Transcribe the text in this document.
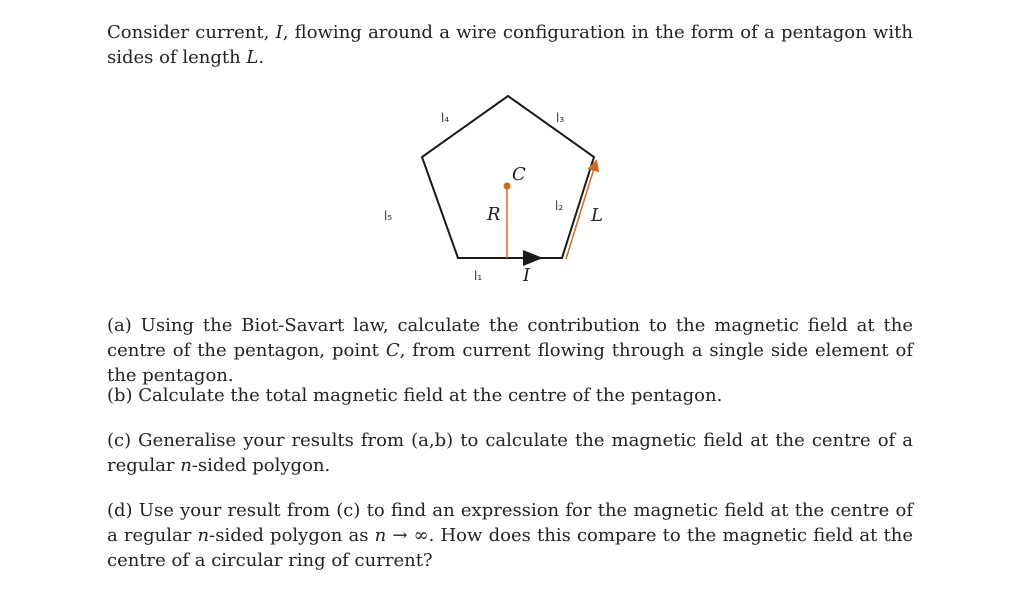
Consider current, I, flowing around a wire configuration in the form of a pentagon with sides of length L.

l₄	l₃
l₅
l₂
l₁
C
R	L
I

(a) Using the Biot-Savart law, calculate the contribution to the magnetic field at the centre of the pentagon, point C, from current flowing through a single side element of the pentagon.

(b) Calculate the total magnetic field at the centre of the pentagon.

(c) Generalise your results from (a,b) to calculate the magnetic field at the centre of a regular n-sided polygon.

(d) Use your result from (c) to find an expression for the magnetic field at the centre of a regular n-sided polygon as n → ∞. How does this compare to the magnetic field at the centre of a circular ring of current?
